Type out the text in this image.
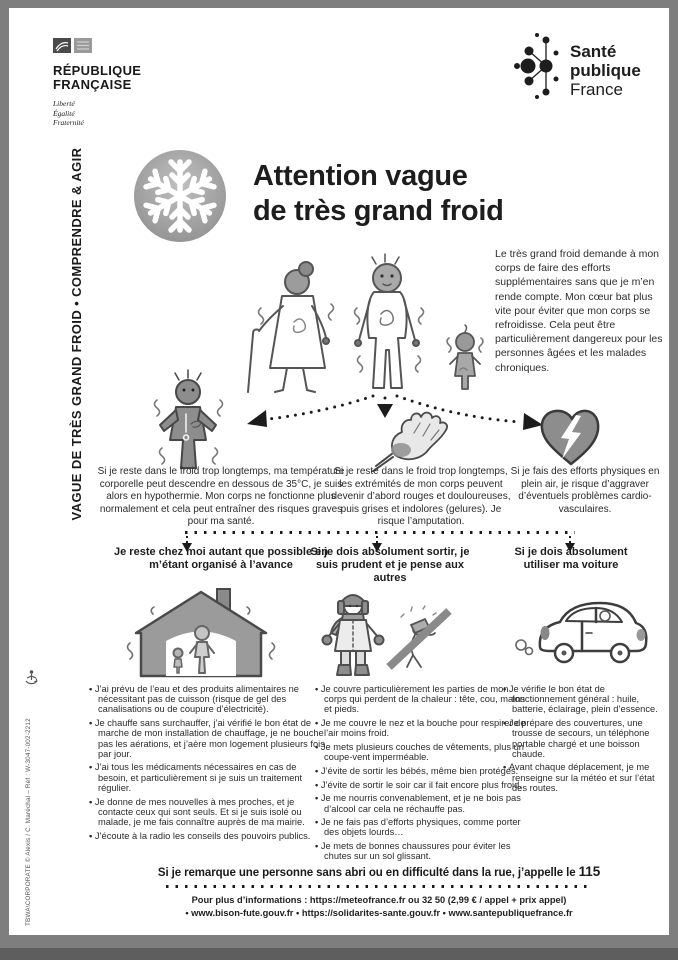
RÉPUBLIQUE
FRANÇAISE
Liberté
Égalité
Fraternité
Santé
publique
France
VAGUE DE TRÈS GRAND FROID • COMPRENDRE & AGIR	Attention vague
de très grand froid
Le très grand froid demande à mon corps de faire des efforts supplémentaires sans que je m’en rende compte. Mon cœur bat plus vite pour éviter que mon corps se refroidisse. Cela peut être particulièrement dangereux pour les personnes âgées et les malades chroniques.
Si je reste dans le froid trop longtemps, ma température corporelle peut descendre en dessous de 35°C, je suis alors en hypothermie. Mon corps ne fonctionne plus normalement et cela peut entraîner des risques graves pour ma santé.
Si je reste dans le froid trop longtemps, les extrémités de mon corps peuvent devenir d’abord rouges et douloureuses, puis grises et indolores (gelures). Je risque l’amputation.
Si je fais des efforts physiques en plein air, je risque d’aggraver d’éventuels problèmes cardio-vasculaires.
Je reste chez moi autant que possible en m’étant organisé à l’avance
Si je dois absolument sortir, je suis prudent et je pense aux autres
Si je dois absolument utiliser ma voiture
• J’ai prévu de l’eau et des produits alimentaires ne nécessitant pas de cuisson (risque de gel des canalisations ou de coupure d’électricité).
• Je chauffe sans surchauffer, j’ai vérifié le bon état de marche de mon installation de chauffage, je ne bouche pas les aérations, et j’aère mon logement plusieurs fois par jour.
• J’ai tous les médicaments nécessaires en cas de besoin, et particulièrement si je suis un traitement régulier.
• Je donne de mes nouvelles à mes proches, et je contacte ceux qui sont seuls. Et si je suis isolé ou malade, je me fais connaître auprès de ma mairie.
• J’écoute à la radio les conseils des pouvoirs publics.
• Je couvre particulièrement les parties de mon corps qui perdent de la chaleur : tête, cou, mains et pieds.
• Je me couvre le nez et la bouche pour respirer de l’air moins froid.
• Je mets plusieurs couches de vêtements, plus un coupe-vent imperméable.
• J’évite de sortir les bébés, même bien protégés.
• J’évite de sortir le soir car il fait encore plus froid.
• Je me nourris convenablement, et je ne bois pas d’alcool car cela ne réchauffe pas.
• Je ne fais pas d’efforts physiques, comme porter des objets lourds…
• Je mets de bonnes chaussures pour éviter les chutes sur un sol glissant.
• Je vérifie le bon état de fonctionnement général : huile, batterie, éclairage, plein d’essence.
• Je prépare des couvertures, une trousse de secours, un téléphone portable chargé et une boisson chaude.
• Avant chaque déplacement, je me renseigne sur la météo et sur l’état des routes.
Si je remarque une personne sans abri ou en difficulté dans la rue, j’appelle le 115
Pour plus d’informations : https://meteofrance.fr ou 32 50 (2,99 € / appel + prix appel)
• www.bison-fute.gouv.fr • https://solidarites-sante.gouv.fr • www.santepubliquefrance.fr
TBWA\CORPORATE © Alexis / C. Maréchal – Réf : W-3047-002-2212
